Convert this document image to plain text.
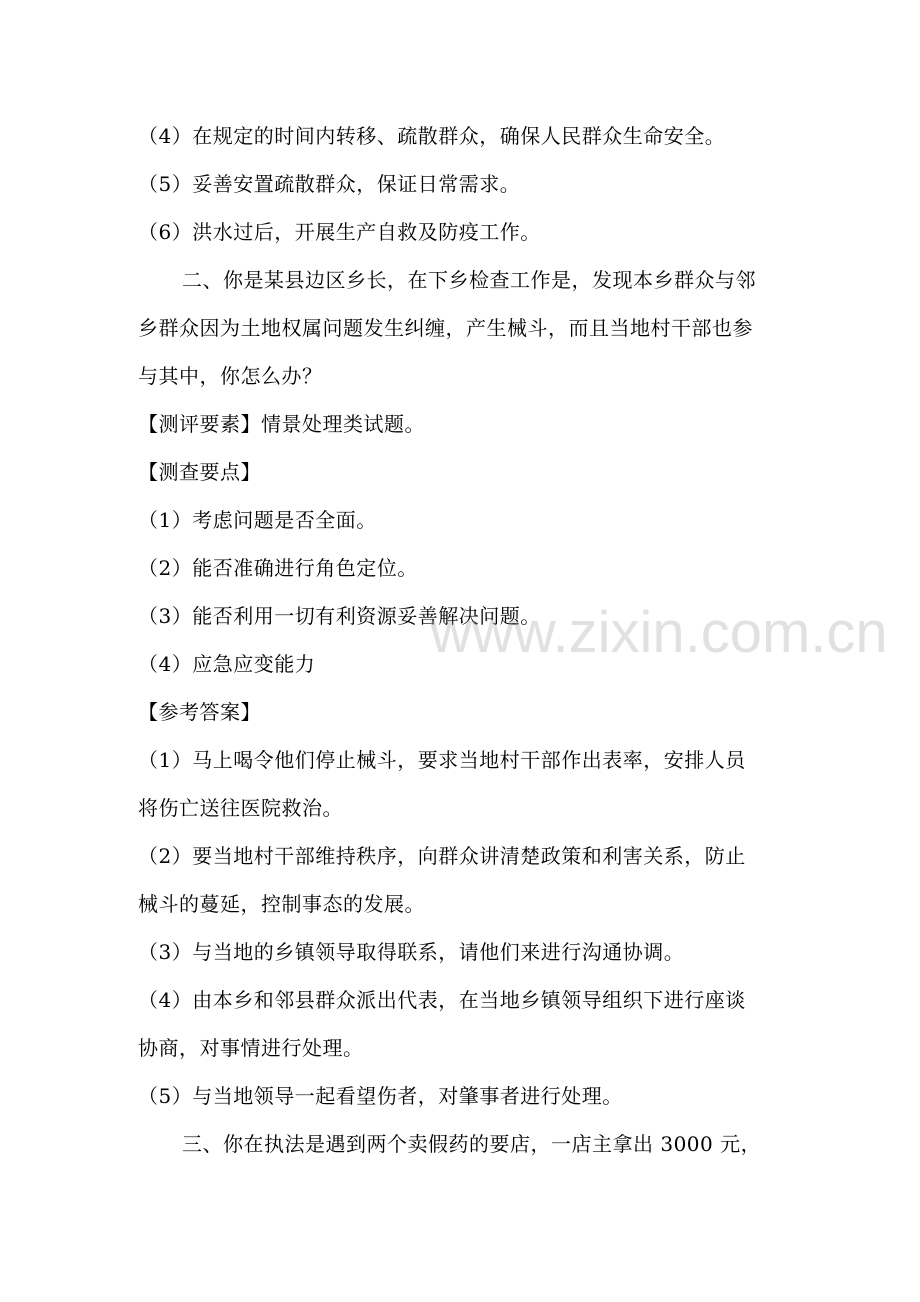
（4）在规定的时间内转移、疏散群众，确保人民群众生命安全。
（5）妥善安置疏散群众，保证日常需求。
（6）洪水过后，开展生产自救及防疫工作。
二、你是某县边区乡长，在下乡检查工作是，发现本乡群众与邻
乡群众因为土地权属问题发生纠缠，产生械斗，而且当地村干部也参
与其中，你怎么办？
【测评要素】情景处理类试题。
【测查要点】
（1）考虑问题是否全面。
（2）能否准确进行角色定位。
（3）能否利用一切有利资源妥善解决问题。
（4）应急应变能力
【参考答案】
（1）马上喝令他们停止械斗，要求当地村干部作出表率，安排人员
将伤亡送往医院救治。
（2）要当地村干部维持秩序，向群众讲清楚政策和利害关系，防止
械斗的蔓延，控制事态的发展。
（3）与当地的乡镇领导取得联系，请他们来进行沟通协调。
（4）由本乡和邻县群众派出代表，在当地乡镇领导组织下进行座谈
协商，对事情进行处理。
（5）与当地领导一起看望伤者，对肇事者进行处理。
三、你在执法是遇到两个卖假药的要店，一店主拿出 3000 元，
www.zixin.com.cn
